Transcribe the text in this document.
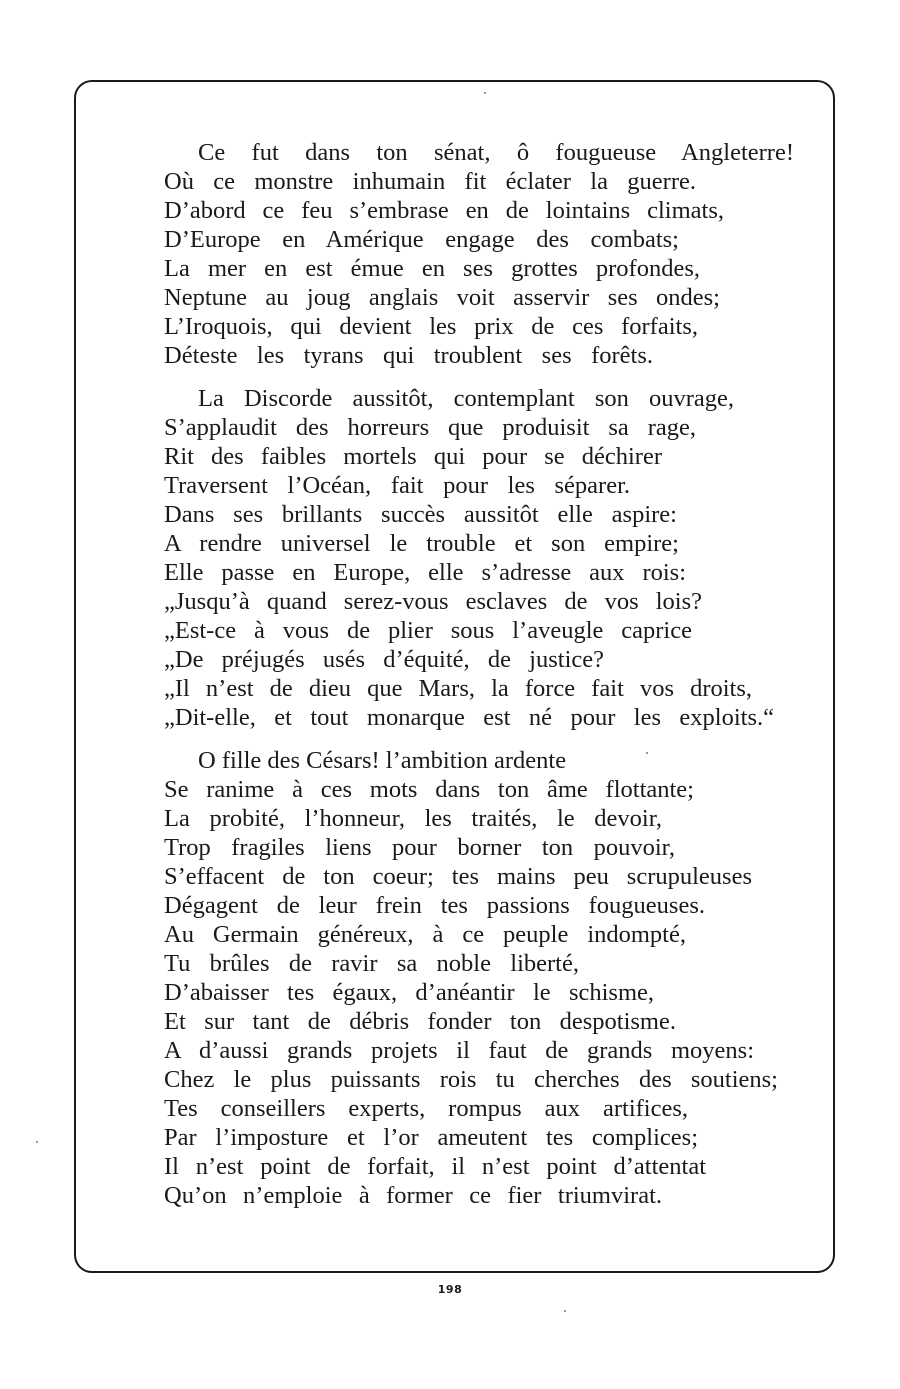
Ce fut dans ton sénat, ô fougueuse Angleterre!
Où ce monstre inhumain fit éclater la guerre.
D’abord ce feu s’embrase en de lointains climats,
D’Europe en Amérique engage des combats;
La mer en est émue en ses grottes profondes,
Neptune au joug anglais voit asservir ses ondes;
L’Iroquois, qui devient les prix de ces forfaits,
Déteste les tyrans qui troublent ses forêts.
La Discorde aussitôt, contemplant son ouvrage,
S’applaudit des horreurs que produisit sa rage,
Rit des faibles mortels qui pour se déchirer
Traversent l’Océan, fait pour les séparer.
Dans ses brillants succès aussitôt elle aspire:
A rendre universel le trouble et son empire;
Elle passe en Europe, elle s’adresse aux rois:
„Jusqu’à quand serez-vous esclaves de vos lois?
„Est-ce à vous de plier sous l’aveugle caprice
„De préjugés usés d’équité, de justice?
„Il n’est de dieu que Mars, la force fait vos droits,
„Dit-elle, et tout monarque est né pour les exploits.“
O fille des Césars! l’ambition ardente
Se ranime à ces mots dans ton âme flottante;
La probité, l’honneur, les traités, le devoir,
Trop fragiles liens pour borner ton pouvoir,
S’effacent de ton coeur; tes mains peu scrupuleuses
Dégagent de leur frein tes passions fougueuses.
Au Germain généreux, à ce peuple indompté,
Tu brûles de ravir sa noble liberté,
D’abaisser tes égaux, d’anéantir le schisme,
Et sur tant de débris fonder ton despotisme.
A d’aussi grands projets il faut de grands moyens:
Chez le plus puissants rois tu cherches des soutiens;
Tes conseillers experts, rompus aux artifices,
Par l’imposture et l’or ameutent tes complices;
Il n’est point de forfait, il n’est point d’attentat
Qu’on n’emploie à former ce fier triumvirat.
198
